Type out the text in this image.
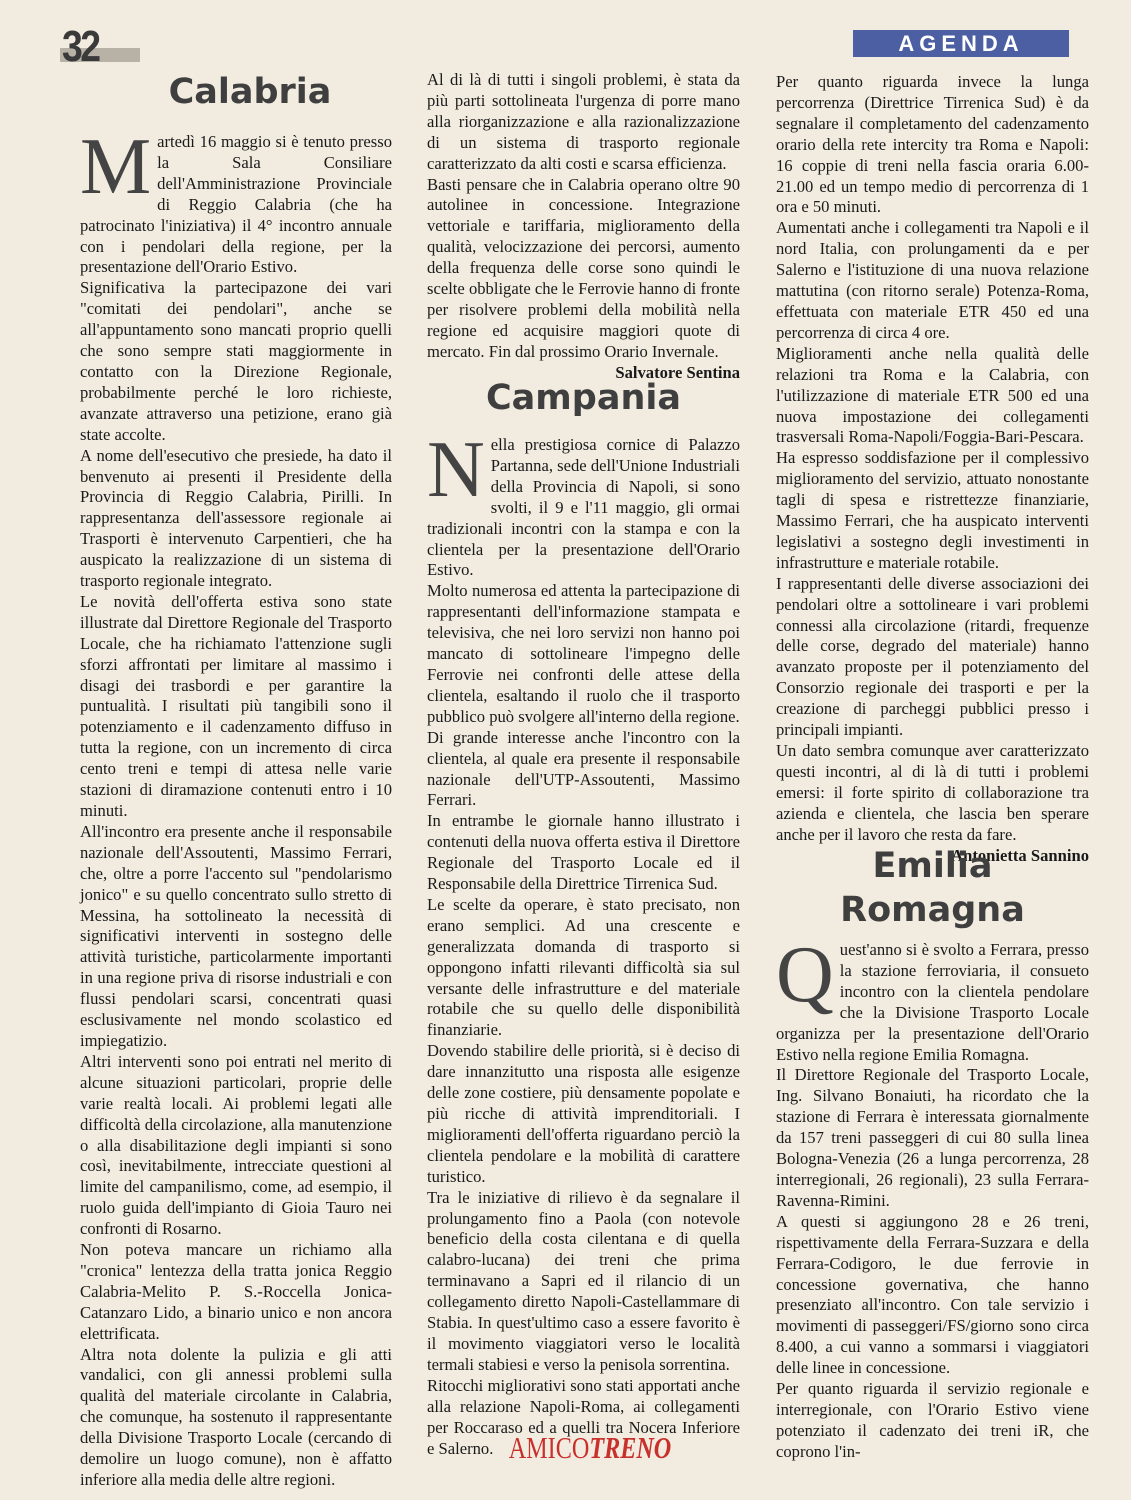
32	AGENDA
Calabria

Martedì 16 maggio si è tenuto presso la Sala Consiliare dell'Amministrazione Provinciale di Reggio Calabria (che ha patrocinato l'iniziativa) il 4° incontro annuale con i pendolari della regione, per la presentazione dell'Orario Estivo.

Significativa la partecipazone dei vari "comitati dei pendolari", anche se all'appuntamento sono mancati proprio quelli che sono sempre stati maggiormente in contatto con la Direzione Regionale, probabilmente perché le loro richieste, avanzate attraverso una petizione, erano già state accolte.

A nome dell'esecutivo che presiede, ha dato il benvenuto ai presenti il Presidente della Provincia di Reggio Calabria, Pirilli. In rappresentanza dell'assessore regionale ai Trasporti è intervenuto Carpentieri, che ha auspicato la realizzazione di un sistema di trasporto regionale integrato.

Le novità dell'offerta estiva sono state illustrate dal Direttore Regionale del Trasporto Locale, che ha richiamato l'attenzione sugli sforzi affrontati per limitare al massimo i disagi dei trasbordi e per garantire la puntualità. I risultati più tangibili sono il potenziamento e il cadenzamento diffuso in tutta la regione, con un incremento di circa cento treni e tempi di attesa nelle varie stazioni di diramazione contenuti entro i 10 minuti.

All'incontro era presente anche il responsabile nazionale dell'Assoutenti, Massimo Ferrari, che, oltre a porre l'accento sul "pendolarismo jonico" e su quello concentrato sullo stretto di Messina, ha sottolineato la necessità di significativi interventi in sostegno delle attività turistiche, particolarmente importanti in una regione priva di risorse industriali e con flussi pendolari scarsi, concentrati quasi esclusivamente nel mondo scolastico ed impiegatizio.

Altri interventi sono poi entrati nel merito di alcune situazioni particolari, proprie delle varie realtà locali. Ai problemi legati alle difficoltà della circolazione, alla manutenzione o alla disabilitazione degli impianti si sono così, inevitabilmente, intrecciate questioni al limite del campanilismo, come, ad esempio, il ruolo guida dell'impianto di Gioia Tauro nei confronti di Rosarno.

Non poteva mancare un richiamo alla "cronica" lentezza della tratta jonica Reggio Calabria-Melito P. S.-Roccella Jonica-Catanzaro Lido, a binario unico e non ancora elettrificata.

Altra nota dolente la pulizia e gli atti vandalici, con gli annessi problemi sulla qualità del materiale circolante in Calabria, che comunque, ha sostenuto il rappresentante della Divisione Trasporto Locale (cercando di demolire un luogo comune), non è affatto inferiore alla media delle altre regioni.

Al di là di tutti i singoli problemi, è stata da più parti sottolineata l'urgenza di porre mano alla riorganizzazione e alla razionalizzazione di un sistema di trasporto regionale caratterizzato da alti costi e scarsa efficienza.

Basti pensare che in Calabria operano oltre 90 autolinee in concessione. Integrazione vettoriale e tariffaria, miglioramento della qualità, velocizzazione dei percorsi, aumento della frequenza delle corse sono quindi le scelte obbligate che le Ferrovie hanno di fronte per risolvere problemi della mobilità nella regione ed acquisire maggiori quote di mercato. Fin dal prossimo Orario Invernale.

Salvatore Sentina

Campania

Nella prestigiosa cornice di Palazzo Partanna, sede dell'Unione Industriali della Provincia di Napoli, si sono svolti, il 9 e l'11 maggio, gli ormai tradizionali incontri con la stampa e con la clientela per la presentazione dell'Orario Estivo.

Molto numerosa ed attenta la partecipazione di rappresentanti dell'informazione stampata e televisiva, che nei loro servizi non hanno poi mancato di sottolineare l'impegno delle Ferrovie nei confronti delle attese della clientela, esaltando il ruolo che il trasporto pubblico può svolgere all'interno della regione.

Di grande interesse anche l'incontro con la clientela, al quale era presente il responsabile nazionale dell'UTP-Assoutenti, Massimo Ferrari.

In entrambe le giornale hanno illustrato i contenuti della nuova offerta estiva il Direttore Regionale del Trasporto Locale ed il Responsabile della Direttrice Tirrenica Sud.

Le scelte da operare, è stato precisato, non erano semplici. Ad una crescente e generalizzata domanda di trasporto si oppongono infatti rilevanti difficoltà sia sul versante delle infrastrutture e del materiale rotabile che su quello delle disponibilità finanziarie.

Dovendo stabilire delle priorità, si è deciso di dare innanzitutto una risposta alle esigenze delle zone costiere, più densamente popolate e più ricche di attività imprenditoriali. I miglioramenti dell'offerta riguardano perciò la clientela pendolare e la mobilità di carattere turistico.

Tra le iniziative di rilievo è da segnalare il prolungamento fino a Paola (con notevole beneficio della costa cilentana e di quella calabro-lucana) dei treni che prima terminavano a Sapri ed il rilancio di un collegamento diretto Napoli-Castellammare di Stabia. In quest'ultimo caso a essere favorito è il movimento viaggiatori verso le località termali stabiesi e verso la penisola sorrentina.

Ritocchi migliorativi sono stati apportati anche alla relazione Napoli-Roma, ai collegamenti per Roccaraso ed a quelli tra Nocera Inferiore e Salerno.

Per quanto riguarda invece la lunga percorrenza (Direttrice Tirrenica Sud) è da segnalare il completamento del cadenzamento orario della rete intercity tra Roma e Napoli: 16 coppie di treni nella fascia oraria 6.00-21.00 ed un tempo medio di percorrenza di 1 ora e 50 minuti.

Aumentati anche i collegamenti tra Napoli e il nord Italia, con prolungamenti da e per Salerno e l'istituzione di una nuova relazione mattutina (con ritorno serale) Potenza-Roma, effettuata con materiale ETR 450 ed una percorrenza di circa 4 ore.

Miglioramenti anche nella qualità delle relazioni tra Roma e la Calabria, con l'utilizzazione di materiale ETR 500 ed una nuova impostazione dei collegamenti trasversali Roma-Napoli/Foggia-Bari-Pescara.

Ha espresso soddisfazione per il complessivo miglioramento del servizio, attuato nonostante tagli di spesa e ristrettezze finanziarie, Massimo Ferrari, che ha auspicato interventi legislativi a sostegno degli investimenti in infrastrutture e materiale rotabile.

I rappresentanti delle diverse associazioni dei pendolari oltre a sottolineare i vari problemi connessi alla circolazione (ritardi, frequenze delle corse, degrado del materiale) hanno avanzato proposte per il potenziamento del Consorzio regionale dei trasporti e per la creazione di parcheggi pubblici presso i principali impianti.

Un dato sembra comunque aver caratterizzato questi incontri, al di là di tutti i problemi emersi: il forte spirito di collaborazione tra azienda e clientela, che lascia ben sperare anche per il lavoro che resta da fare.

Antonietta Sannino

Emilia
Romagna

Quest'anno si è svolto a Ferrara, presso la stazione ferroviaria, il consueto incontro con la clientela pendolare che la Divisione Trasporto Locale organizza per la presentazione dell'Orario Estivo nella regione Emilia Romagna.

Il Direttore Regionale del Trasporto Locale, Ing. Silvano Bonaiuti, ha ricordato che la stazione di Ferrara è interessata giornalmente da 157 treni passeggeri di cui 80 sulla linea Bologna-Venezia (26 a lunga percorrenza, 28 interregionali, 26 regionali), 23 sulla Ferrara-Ravenna-Rimini.

A questi si aggiungono 28 e 26 treni, rispettivamente della Ferrara-Suzzara e della Ferrara-Codigoro, le due ferrovie in concessione governativa, che hanno presenziato all'incontro. Con tale servizio i movimenti di passeggeri/FS/giorno sono circa 8.400, a cui vanno a sommarsi i viaggiatori delle linee in concessione.

Per quanto riguarda il servizio regionale e interregionale, con l'Orario Estivo viene potenziato il cadenzato dei treni iR, che coprono l'in-

AMICOTRENO
